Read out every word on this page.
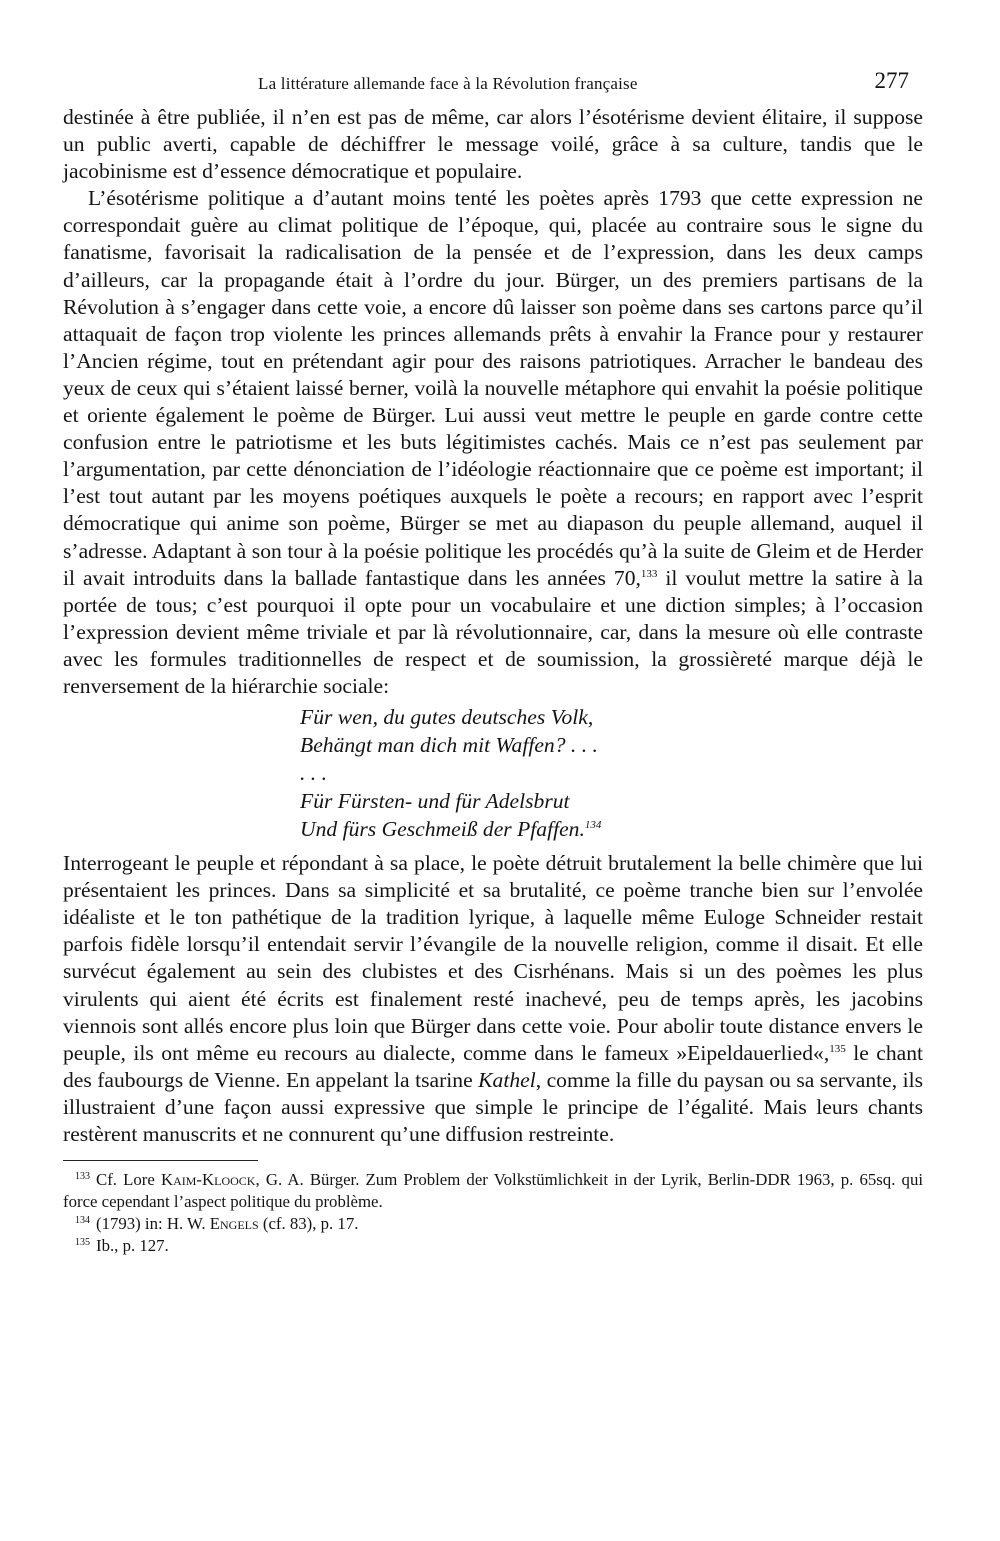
La littérature allemande face à la Révolution française	277

destinée à être publiée, il n’en est pas de même, car alors l’ésotérisme devient élitaire, il suppose un public averti, capable de déchiffrer le message voilé, grâce à sa culture, tandis que le jacobinisme est d’essence démocratique et populaire.

L’ésotérisme politique a d’autant moins tenté les poètes après 1793 que cette expression ne correspondait guère au climat politique de l’époque, qui, placée au contraire sous le signe du fanatisme, favorisait la radicalisation de la pensée et de l’expression, dans les deux camps d’ailleurs, car la propagande était à l’ordre du jour. Bürger, un des premiers partisans de la Révolution à s’engager dans cette voie, a encore dû laisser son poème dans ses cartons parce qu’il attaquait de façon trop violente les princes allemands prêts à envahir la France pour y restaurer l’Ancien régime, tout en prétendant agir pour des raisons patriotiques. Arracher le bandeau des yeux de ceux qui s’étaient laissé berner, voilà la nouvelle métaphore qui envahit la poésie politique et oriente également le poème de Bürger. Lui aussi veut mettre le peuple en garde contre cette confusion entre le patriotisme et les buts légitimistes cachés. Mais ce n’est pas seulement par l’argumentation, par cette dénonciation de l’idéologie réactionnaire que ce poème est important; il l’est tout autant par les moyens poétiques auxquels le poète a recours; en rapport avec l’esprit démocratique qui anime son poème, Bürger se met au diapason du peuple allemand, auquel il s’adresse. Adaptant à son tour à la poésie politique les procédés qu’à la suite de Gleim et de Herder il avait introduits dans la ballade fantastique dans les années 70,$^{133}$ il voulut mettre la satire à la portée de tous; c’est pourquoi il opte pour un vocabulaire et une diction simples; à l’occasion l’expression devient même triviale et par là révolutionnaire, car, dans la mesure où elle contraste avec les formules traditionnelles de respect et de soumission, la grossièreté marque déjà le renversement de la hiérarchie sociale:

Für wen, du gutes deutsches Volk,
Behängt man dich mit Waffen? . . .
. . .
Für Fürsten- und für Adelsbrut
Und fürs Geschmeiß der Pfaffen.$^{134}$

Interrogeant le peuple et répondant à sa place, le poète détruit brutalement la belle chimère que lui présentaient les princes. Dans sa simplicité et sa brutalité, ce poème tranche bien sur l’envolée idéaliste et le ton pathétique de la tradition lyrique, à laquelle même Euloge Schneider restait parfois fidèle lorsqu’il entendait servir l’évangile de la nouvelle religion, comme il disait. Et elle survécut également au sein des clubistes et des Cisrhénans. Mais si un des poèmes les plus virulents qui aient été écrits est finalement resté inachevé, peu de temps après, les jacobins viennois sont allés encore plus loin que Bürger dans cette voie. Pour abolir toute distance envers le peuple, ils ont même eu recours au dialecte, comme dans le fameux »Eipeldauerlied«,$^{135}$ le chant des faubourgs de Vienne. En appelant la tsarine Kathel, comme la fille du paysan ou sa servante, ils illustraient d’une façon aussi expressive que simple le principe de l’égalité. Mais leurs chants restèrent manuscrits et ne connurent qu’une diffusion restreinte.

$^{133}$ Cf. Lore Kaim-Kloock, G. A. Bürger. Zum Problem der Volkstümlichkeit in der Lyrik, Berlin-DDR 1963, p. 65sq. qui force cependant l’aspect politique du problème.

$^{134}$ (1793) in: H. W. Engels (cf. 83), p. 17.

$^{135}$ Ib., p. 127.
